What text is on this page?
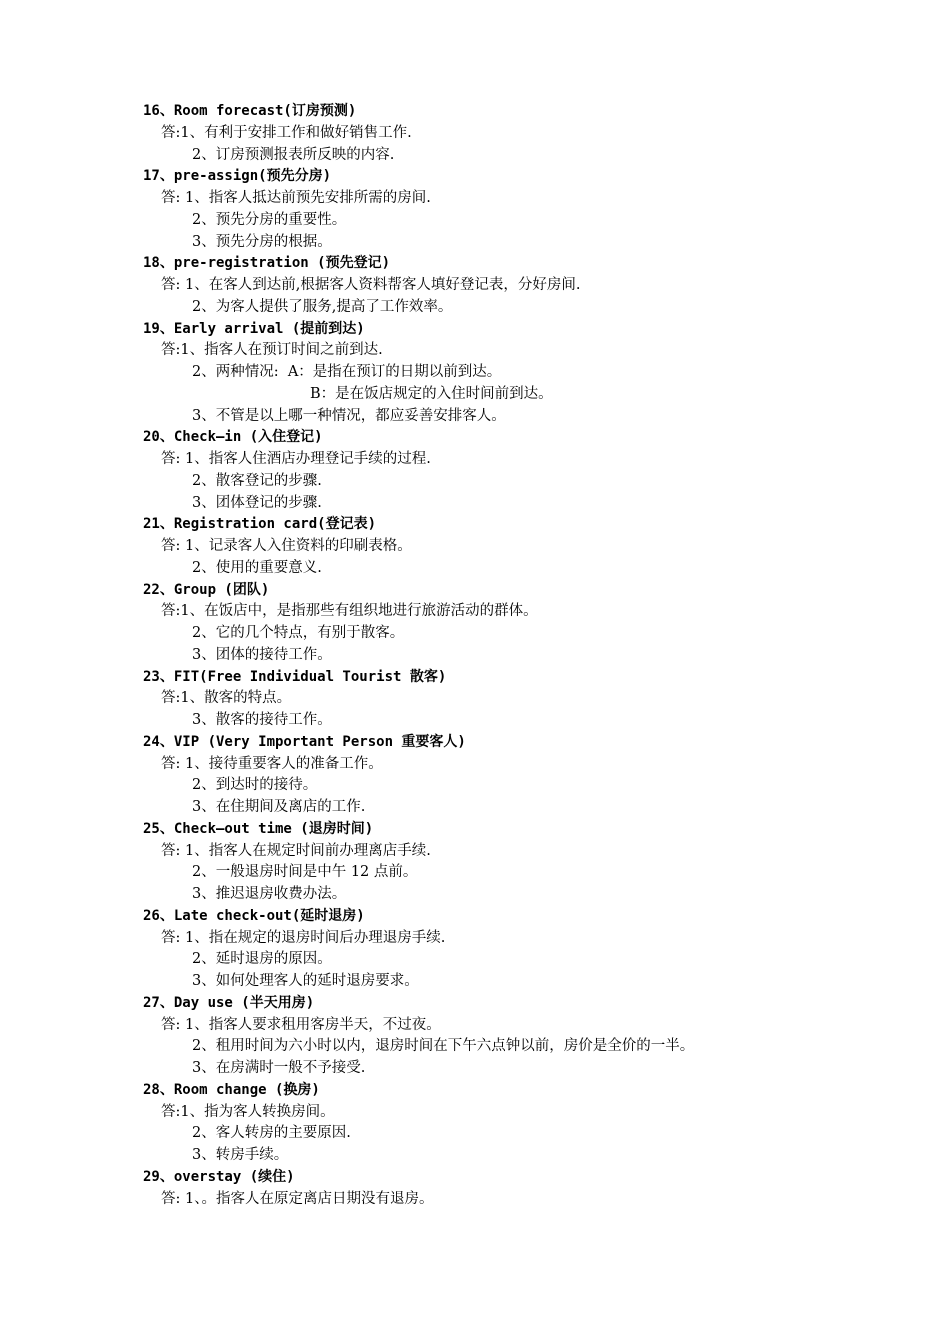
16、Room forecast(订房预测)
答:1、有利于安排工作和做好销售工作.
2、订房预测报表所反映的内容.
17、pre-assign(预先分房)
答: 1、指客人抵达前预先安排所需的房间.
2、预先分房的重要性。
3、预先分房的根据。
18、pre-registration (预先登记)
答: 1、在客人到达前,根据客人资料帮客人填好登记表，分好房间.
2、为客人提供了服务,提高了工作效率。
19、Early arrival (提前到达)
答:1、指客人在预订时间之前到达.
2、两种情况:  A：是指在预订的日期以前到达。
B：是在饭店规定的入住时间前到达。
3、不管是以上哪一种情况，都应妥善安排客人。
20、Check—in (入住登记)
答: 1、指客人住酒店办理登记手续的过程.
2、散客登记的步骤.
3、团体登记的步骤.
21、Registration card(登记表)
答: 1、记录客人入住资料的印刷表格。
2、使用的重要意义.
22、Group (团队)
答:1、在饭店中，是指那些有组织地进行旅游活动的群体。
2、它的几个特点，有别于散客。
3、团体的接待工作。
23、FIT(Free Individual Tourist 散客)
答:1、散客的特点。
3、散客的接待工作。
24、VIP (Very Important Person 重要客人)
答: 1、接待重要客人的准备工作。
2、到达时的接待。
3、在住期间及离店的工作.
25、Check—out time (退房时间)
答: 1、指客人在规定时间前办理离店手续.
2、一般退房时间是中午 12 点前。
3、推迟退房收费办法。
26、Late check-out(延时退房)
答: 1、指在规定的退房时间后办理退房手续.
2、延时退房的原因。
3、如何处理客人的延时退房要求。
27、Day use (半天用房)
答: 1、指客人要求租用客房半天，不过夜。
2、租用时间为六小时以内，退房时间在下午六点钟以前，房价是全价的一半。
3、在房满时一般不予接受.
28、Room change (换房)
答:1、指为客人转换房间。
2、客人转房的主要原因.
3、转房手续。
29、overstay (续住)
答: 1、。指客人在原定离店日期没有退房。
